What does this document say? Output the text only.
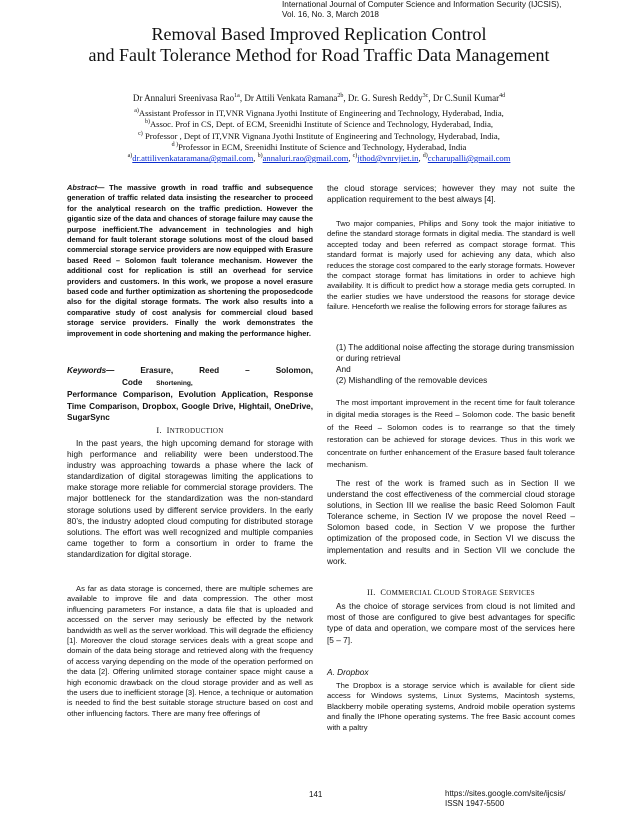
International Journal of Computer Science and Information Security (IJCSIS),
Vol. 16, No. 3, March 2018
Removal Based Improved Replication Control
and Fault Tolerance Method for Road Traffic Data Management
Dr Annaluri Sreenivasa Rao$^{1a}$, Dr Attili Venkata Ramana$^{2b}$, Dr. G. Suresh Reddy$^{3c}$, Dr C.Sunil Kumar$^{4d}$
$^{a)}$Assistant Professor in IT,VNR Vignana Jyothi Institute of Engineering and Technology, Hyderabad, India,
$^{b)}$Assoc. Prof in CS, Dept. of ECM, Sreenidhi Institute of Science and Technology, Hyderabad, India,
$^{c)}$ Professor , Dept of IT,VNR Vignana Jyothi Institute of Engineering and Technology, Hyderabad, India,
$^{d )}$Professor in ECM, Sreenidhi Institute of Science and Technology, Hyderabad, India
$^{a)}$dr.attilivenkataramana@gmail.com, $^{b)}$annaluri.rao@gmail.com, $^{c)}$jthod@vnrvjiet.in, $^{d)}$ccharupalli@gmail.com
Abstract— The massive growth in road traffic and subsequence generation of traffic related data insisting the researcher to proceed for the analytical research on the traffic prediction. However the gigantic size of the data and chances of storage failure may cause the purpose inefficient.The advancement in technologies and high demand for fault tolerant storage solutions most of the cloud based commercial storage service providers are now equipped with Erasure based Reed – Solomon fault tolerance mechanism. However the additional cost for replication is still an overhead for service providers and customers. In this work, we propose a novel erasure based code and further optimization as shortening the proposedcode also for the digital storage formats. The work also results into a comparative study of cost analysis for commercial cloud based storage service providers. Finally the work demonstrates the improvement in code shortening and making the performance higher.
Keywords—	Erasure,	Reed	–	Solomon,
Code Shortening,
Performance Comparison, Evolution Application, Response Time Comparison, Dropbox, Google Drive, Hightail, OneDrive, SugarSync
I. INTRODUCTION
In the past years, the high upcoming demand for storage with high performance and reliability were been understood.The industry was approaching towards a phase where the lack of standardization of digital storagewas limiting the applications to make storage more reliable for commercial storage providers. The major bottleneck for the standardization was the non-standard storage solutions used by different service providers. In the early 80’s, the industry adopted cloud computing for distributed storage solutions. The effort was well recognized and multiple companies came together to form a consortium in order to frame the standardization for digital storage.
As far as data storage is concerned, there are multiple schemes are available to improve file and data compression. The other most influencing parameters For instance, a data file that is uploaded and accessed on the server may seriously be effected by the network bandwidth as well as the server workload. This will degrade the efficiency [1]. Moreover the cloud storage services deals with a great scope and domain of the data being storage and retrieved along with the frequency of access varying depending on the mode of the operation performed on the data [2]. Offering unlimited storage container space might cause a high economic drawback on the cloud storage provider and as well as the users due to inefficient storage [3]. Hence, a technique or automation is needed to find the best suitable storage structure based on cost and other influencing factors. There are many free offerings of
the cloud storage services; however they may not suite the application requirement to the best always [4].
Two major companies, Philips and Sony took the major initiative to define the standard storage formats in digital media. The standard is well accepted today and been referred as compact storage format. This standard format is majorly used for achieving any data, which also reduces the storage cost compared to the early storage formats. However the compact storage format has limitations in order to achieve high availability. It is difficult to predict how a storage media gets corrupted. In the earlier studies we have understood the reasons for storage device failure. Henceforth we realise the following errors for storage failures as
(1) The additional noise affecting the storage during transmission or during retrieval
And
(2) Mishandling of the removable devices
The most important improvement in the recent time for fault tolerance in digital media storages is the Reed – Solomon code. The basic benefit of the Reed – Solomon codes is to rearrange so that the timely restoration can be achieved for storage devices. Thus in this work we concentrate on further enhancement of the Erasure based fault tolerance mechanism.
The rest of the work is framed such as in Section II we understand the cost effectiveness of the commercial cloud storage solutions, in Section III we realise the basic Reed Solomon Fault Tolerance scheme, in Section IV we propose the novel Reed – Solomon based code, in Section V we propose the further optimization of the proposed code, in Section VI we discuss the implementation and results and in Section VII we conclude the work.
II. COMMERCIAL CLOUD STORAGE SERVICES
As the choice of storage services from cloud is not limited and most of those are configured to give best advantages for specific type of data and operation, we compare most of the services here [5 – 7].
A. Dropbox
The Dropbox is a storage service which is available for client side access for Windows systems, Linux Systems, Macintosh systems, Blackberry mobile operating systems, Android mobile operation systems and finally the IPhone operating systems. The free Basic account comes with a paltry
141	https://sites.google.com/site/ijcsis/
ISSN 1947-5500
